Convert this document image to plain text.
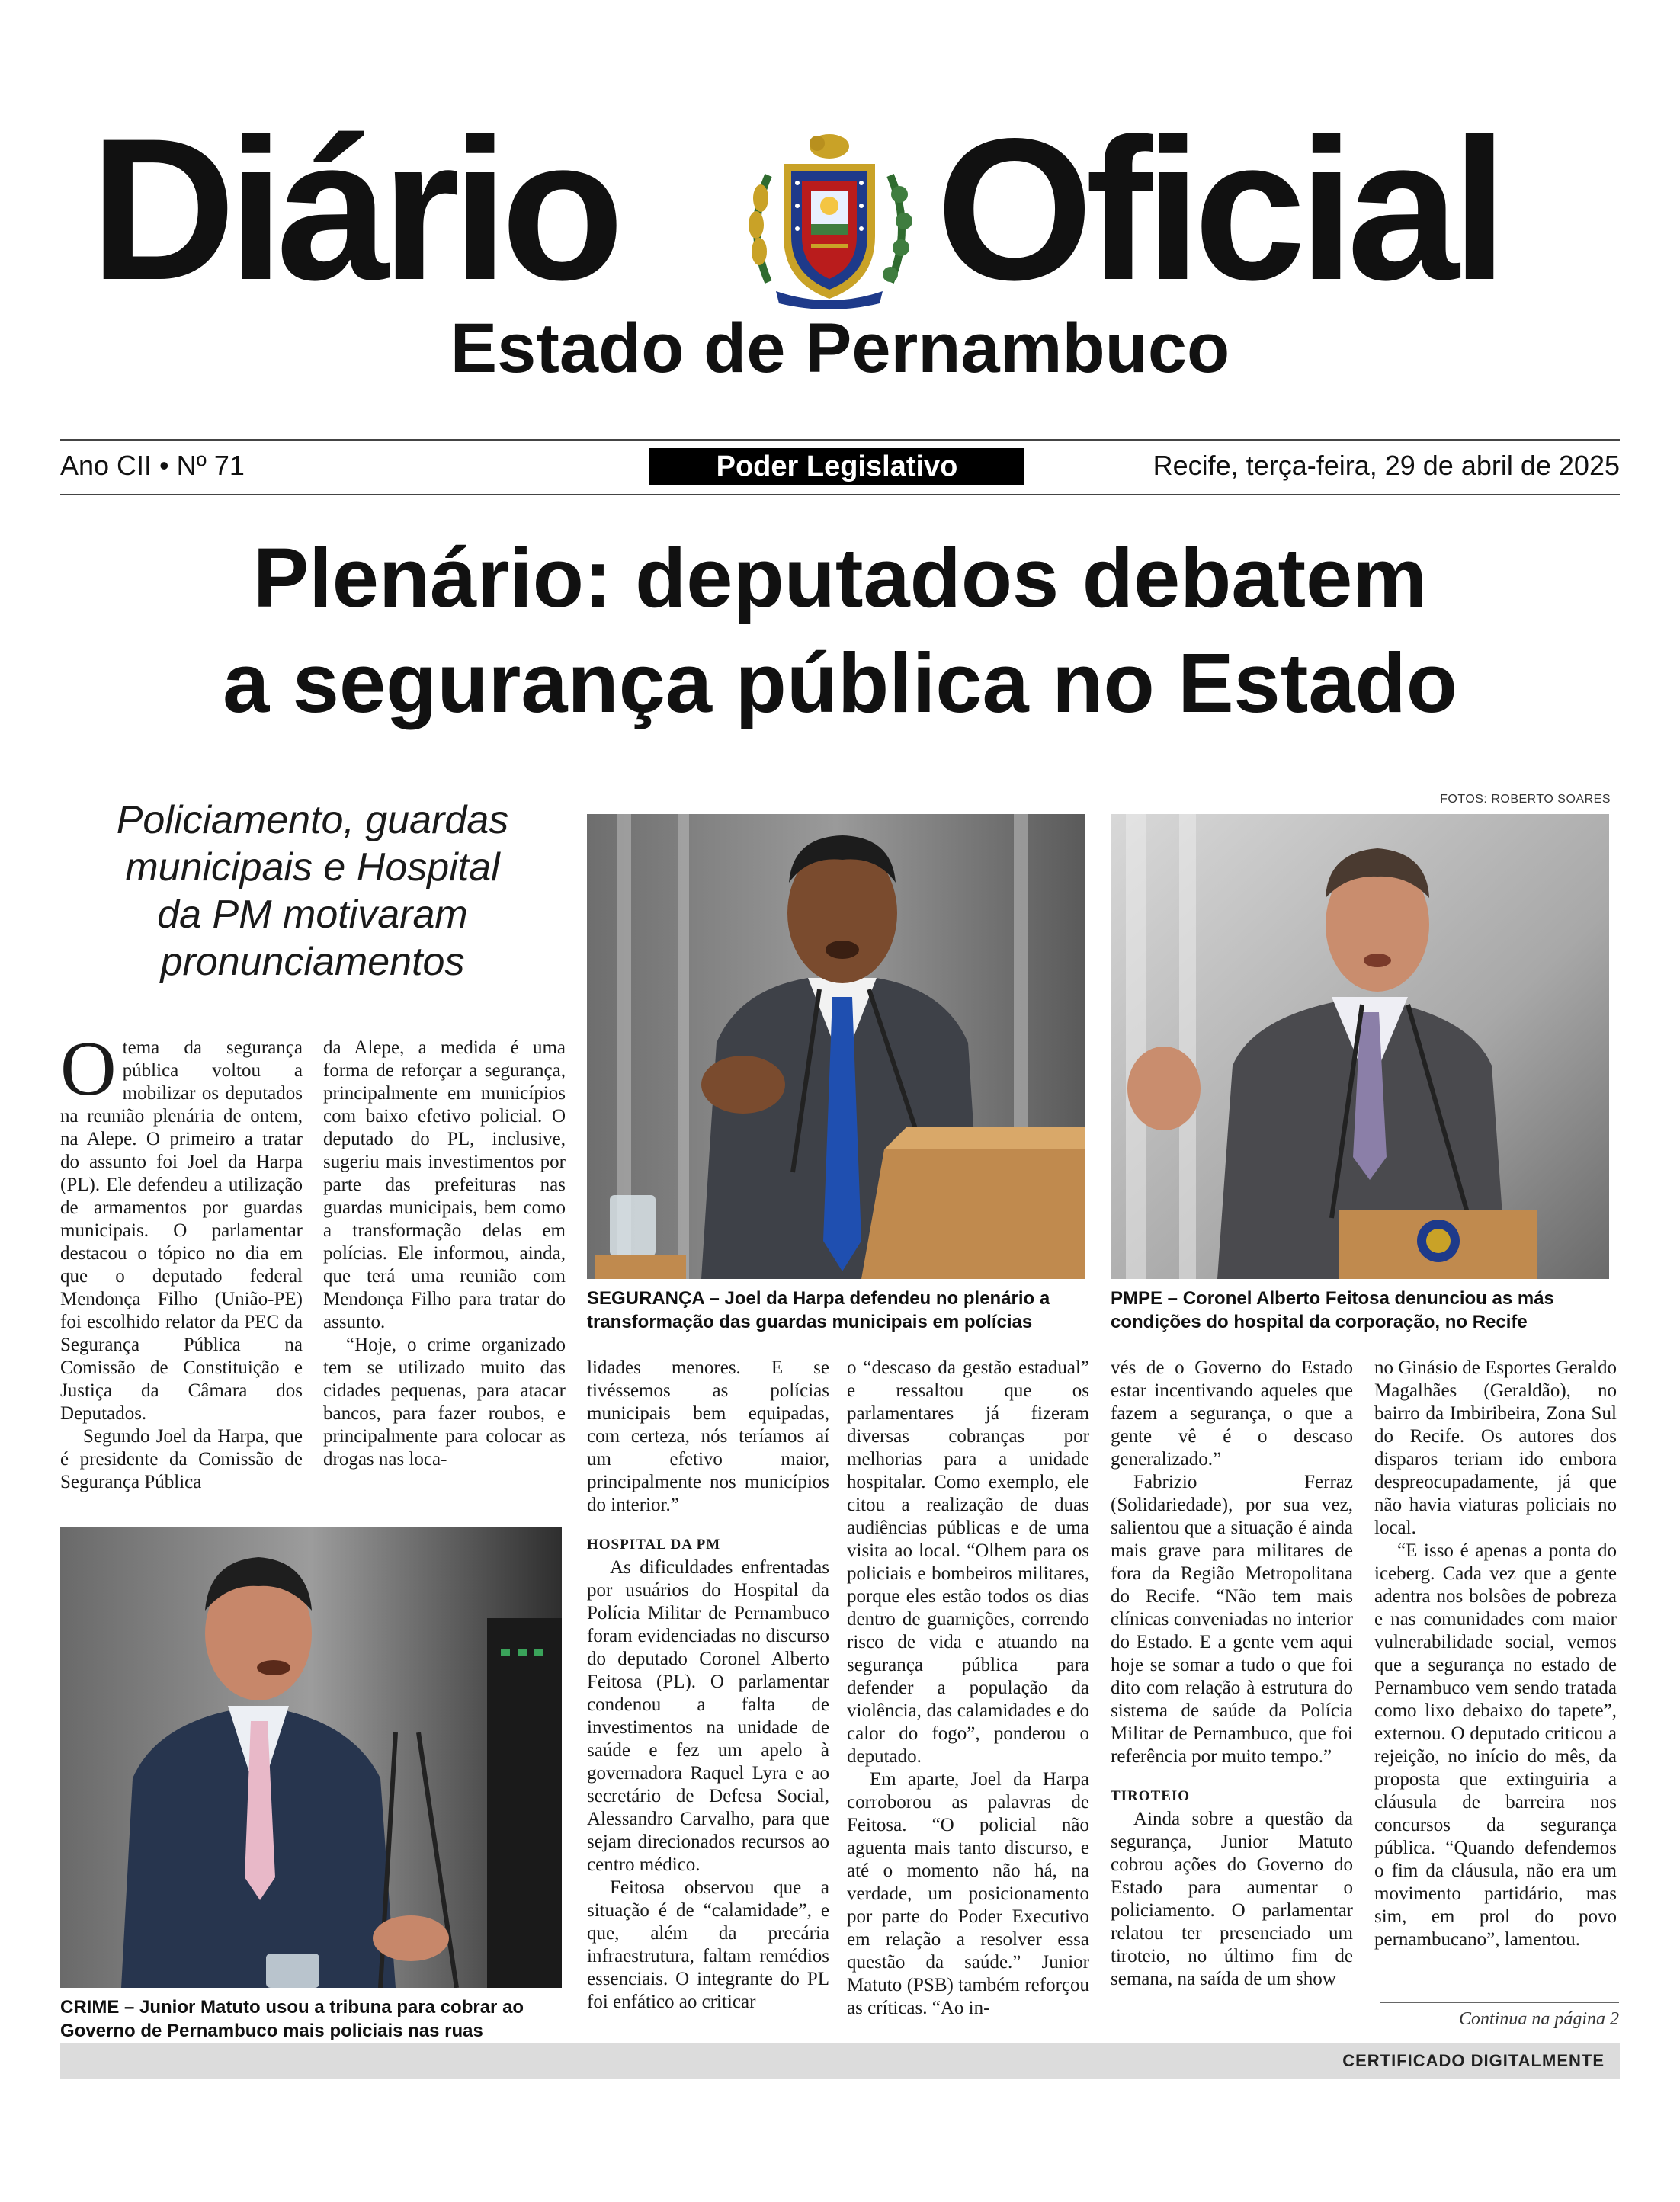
Diário	Oficial
Estado de Pernambuco
Ano CII • Nº 71	Poder Legislativo	Recife, terça-feira, 29 de abril de 2025
Plenário: deputados debatem
a segurança pública no Estado
Policiamento, guardas
municipais e Hospital
da PM motivaram
pronunciamentos
FOTOS: ROBERTO SOARES
SEGURANÇA – Joel da Harpa defendeu no plenário a
transformação das guardas municipais em polícias
PMPE – Coronel Alberto Feitosa denunciou as más
condições do hospital da corporação, no Recife
CRIME – Junior Matuto usou a tribuna para cobrar ao
Governo de Pernambuco mais policiais nas ruas

Otema da segurança pública voltou a mobilizar os deputados na reunião plenária de ontem, na Alepe. O primeiro a tratar do assunto foi Joel da Harpa (PL). Ele defendeu a utilização de armamentos por guardas municipais. O parlamentar destacou o tópico no dia em que o deputado federal Mendonça Filho (União-PE) foi escolhido relator da PEC da Segurança Pública na Comissão de Constituição e Justiça da Câmara dos Deputados.

Segundo Joel da Harpa, que é presidente da Comissão de Segurança Pública

da Alepe, a medida é uma forma de reforçar a segurança, principalmente em municípios com baixo efetivo policial. O deputado do PL, inclusive, sugeriu mais investimentos por parte das prefeituras nas guardas municipais, bem como a transformação delas em polícias. Ele informou, ainda, que terá uma reunião com Mendonça Filho para tratar do assunto.

“Hoje, o crime organizado tem se utilizado muito das cidades pequenas, para atacar bancos, para fazer roubos, e principalmente para colocar as drogas nas loca-

lidades menores. E se tivéssemos as polícias municipais bem equipadas, com certeza, nós teríamos aí um efetivo maior, principalmente nos municípios do interior.”

HOSPITAL DA PM

As dificuldades enfrentadas por usuários do Hospital da Polícia Militar de Pernambuco foram evidenciadas no discurso do deputado Coronel Alberto Feitosa (PL). O parlamentar condenou a falta de investimentos na unidade de saúde e fez um apelo à governadora Raquel Lyra e ao secretário de Defesa Social, Alessandro Carvalho, para que sejam direcionados recursos ao centro médico.

Feitosa observou que a situação é de “calamidade”, e que, além da precária infraestrutura, faltam remédios essenciais. O integrante do PL foi enfático ao criticar

o “descaso da gestão estadual” e ressaltou que os parlamentares já fizeram diversas cobranças por melhorias para a unidade hospitalar. Como exemplo, ele citou a realização de duas audiências públicas e de uma visita ao local. “Olhem para os policiais e bombeiros militares, porque eles estão todos os dias dentro de guarnições, correndo risco de vida e atuando na segurança pública para defender a população da violência, das calamidades e do calor do fogo”, ponderou o deputado.

Em aparte, Joel da Harpa corroborou as palavras de Feitosa. “O policial não aguenta mais tanto discurso, e até o momento não há, na verdade, um posicionamento por parte do Poder Executivo em relação a resolver essa questão da saúde.” Junior Matuto (PSB) também reforçou as críticas. “Ao in-

vés de o Governo do Estado estar incentivando aqueles que fazem a segurança, o que a gente vê é o descaso generalizado.”

Fabrizio Ferraz (Solidariedade), por sua vez, salientou que a situação é ainda mais grave para militares de fora da Região Metropolitana do Recife. “Não tem mais clínicas conveniadas no interior do Estado. E a gente vem aqui hoje se somar a tudo o que foi dito com relação à estrutura do sistema de saúde da Polícia Militar de Pernambuco, que foi referência por muito tempo.”

TIROTEIO

Ainda sobre a questão da segurança, Junior Matuto cobrou ações do Governo do Estado para aumentar o policiamento. O parlamentar relatou ter presenciado um tiroteio, no último fim de semana, na saída de um show

no Ginásio de Esportes Geraldo Magalhães (Geraldão), no bairro da Imbiribeira, Zona Sul do Recife. Os autores dos disparos teriam ido embora despreocupadamente, já que não havia viaturas policiais no local.

“E isso é apenas a ponta do iceberg. Cada vez que a gente adentra nos bolsões de pobreza e nas comunidades com maior vulnerabilidade social, vemos que a segurança no estado de Pernambuco vem sendo tratada como lixo debaixo do tapete”, externou. O deputado criticou a rejeição, no início do mês, da proposta que extinguiria a cláusula de barreira nos concursos da segurança pública. “Quando defendemos o fim da cláusula, não era um movimento partidário, mas sim, em prol do povo pernambucano”, lamentou.

Continua na página 2
CERTIFICADO DIGITALMENTE
